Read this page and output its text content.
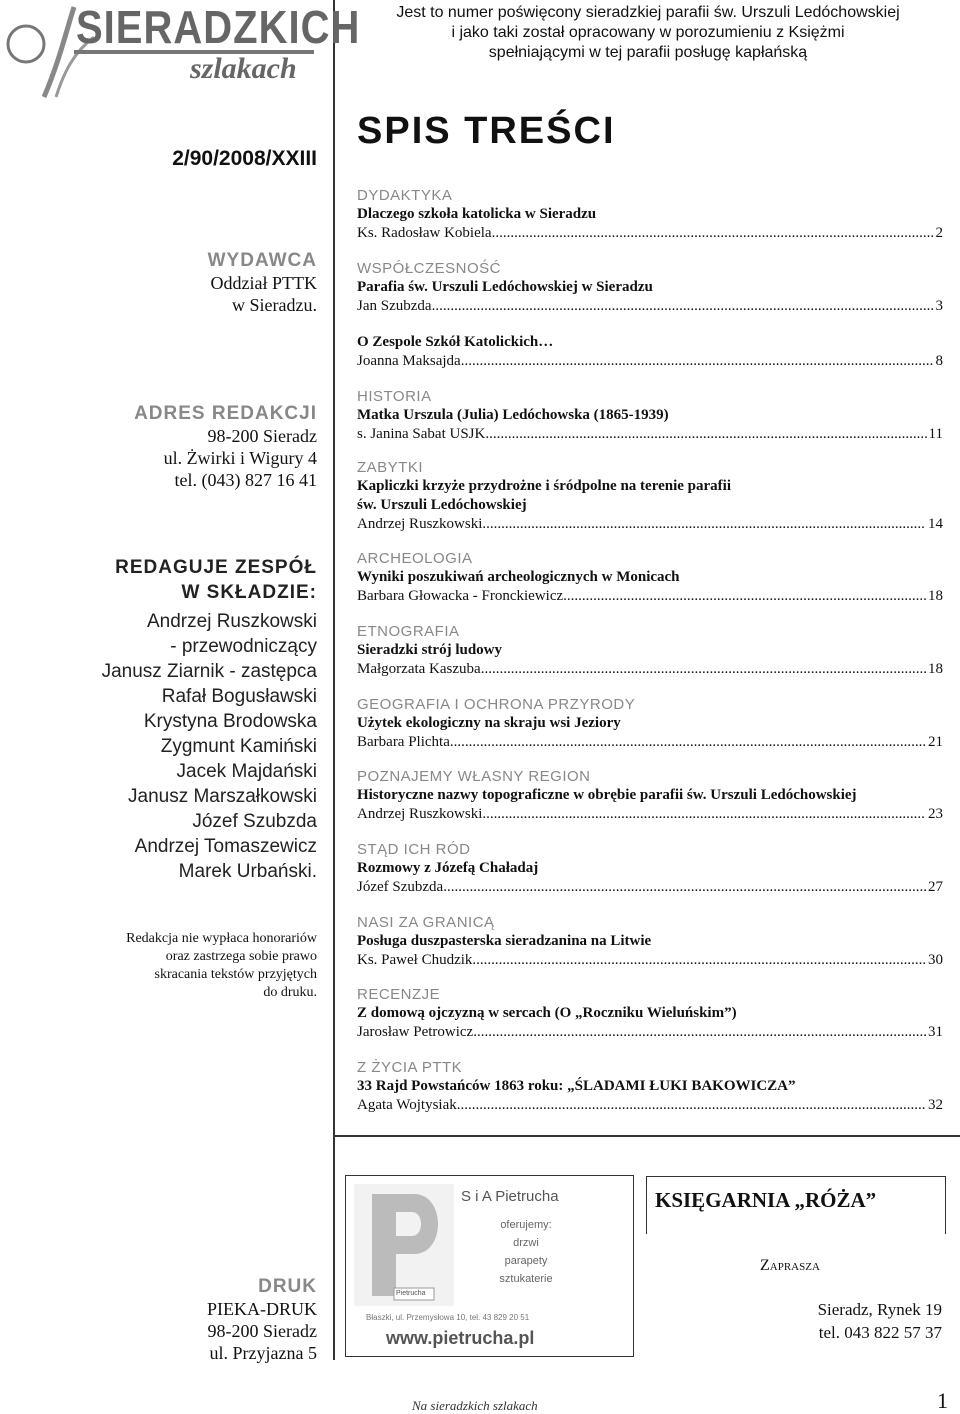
SIERADZKICH
szlakach
2/90/2008/XXIII
WYDAWCA
Oddział PTTK
w Sieradzu.
ADRES REDAKCJI
98-200 Sieradz
ul. Żwirki i Wigury 4
tel. (043) 827 16 41
REDAGUJE ZESPÓŁ
W SKŁADZIE:
Andrzej Ruszkowski
- przewodniczący
Janusz Ziarnik - zastępca
Rafał Bogusławski
Krystyna Brodowska
Zygmunt Kamiński
Jacek Majdański
Janusz Marszałkowski
Józef Szubzda
Andrzej Tomaszewicz
Marek Urbański.
Redakcja nie wypłaca honorariów
oraz zastrzega sobie prawo
skracania tekstów przyjętych
do druku.
DRUK
PIEKA-DRUK
98-200 Sieradz
ul. Przyjazna 5
Jest to numer poświęcony sieradzkiej parafii św. Urszuli Ledóchowskiej
i jako taki został opracowany w porozumieniu z Księżmi
spełniającymi w tej parafii posługę kapłańską
SPIS TREŚCI
DYDAKTYKA
Dlaczego szkoła katolicka w Sieradzu
Ks. Radosław Kobiela .....	2
WSPÓŁCZESNOŚĆ
Parafia św. Urszuli Ledóchowskiej w Sieradzu
Jan Szubzda .....	3
O Zespole Szkół Katolickich…
Joanna Maksajda .....	8
HISTORIA
Matka Urszula (Julia) Ledóchowska (1865-1939)
s. Janina Sabat USJK .....	11
ZABYTKI
Kapliczki krzyże przydrożne i śródpolne na terenie parafii
św. Urszuli Ledóchowskiej
Andrzej Ruszkowski .....	14
ARCHEOLOGIA
Wyniki poszukiwań archeologicznych w Monicach
Barbara Głowacka - Fronckiewicz .....	18
ETNOGRAFIA
Sieradzki strój ludowy
Małgorzata Kaszuba .....	18
GEOGRAFIA I OCHRONA PRZYRODY
Użytek ekologiczny na skraju wsi Jeziory
Barbara Plichta .....	21
POZNAJEMY WŁASNY REGION
Historyczne nazwy topograficzne w obrębie parafii św. Urszuli Ledóchowskiej
Andrzej Ruszkowski .....	23
STĄD ICH RÓD
Rozmowy z Józefą Chaładaj
Józef Szubzda .....	27
NASI ZA GRANICĄ
Posługa duszpasterska sieradzanina na Litwie
Ks. Paweł Chudzik .....	30
RECENZJE
Z domową ojczyzną w sercach (O „Roczniku Wieluńskim”)
Jarosław Petrowicz .....	31
Z ŻYCIA PTTK
33 Rajd Powstańców 1863 roku: „ŚLADAMI ŁUKI BAKOWICZA”
Agata Wojtysiak .....	32
Pietrucha
S i A Pietrucha
oferujemy:
drzwi
parapety
sztukaterie
Błaszki, ul. Przemysłowa 10, tel. 43 829 20 51
www.pietrucha.pl
KSIĘGARNIA „RÓŻA”
Zaprasza
Sieradz, Rynek 19
tel. 043 822 57 37
Na sieradzkich szlakach	1
